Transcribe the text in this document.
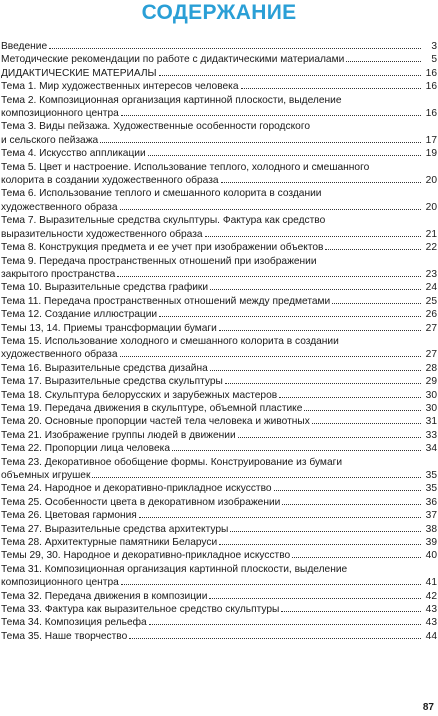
СОДЕРЖАНИЕ
Введение	3
Методические рекомендации по работе с дидактическими материалами	5
ДИДАКТИЧЕСКИЕ МАТЕРИАЛЫ	16
Тема 1. Мир художественных интересов человека	16
Тема 2. Композиционная организация картинной плоскости, выделение
композиционного центра	16
Тема 3. Виды пейзажа. Художественные особенности городского
и сельского пейзажа	17
Тема 4. Искусство аппликации	19
Тема 5. Цвет и настроение. Использование теплого, холодного и смешанного
колорита в создании художественного образа	20
Тема 6. Использование теплого и смешанного колорита в создании
художественного образа	20
Тема 7. Выразительные средства скульптуры. Фактура как средство
выразительности художественного образа	21
Тема 8. Конструкция предмета и ее учет при изображении объектов	22
Тема 9. Передача пространственных отношений при изображении
закрытого пространства	23
Тема 10. Выразительные средства графики	24
Тема 11. Передача пространственных отношений между предметами	25
Тема 12. Создание иллюстрации	26
Темы 13, 14. Приемы трансформации бумаги	27
Тема 15. Использование холодного и смешанного колорита в создании
художественного образа	27
Тема 16. Выразительные средства дизайна	28
Тема 17. Выразительные средства скульптуры	29
Тема 18. Скульптура белорусских и зарубежных мастеров	30
Тема 19. Передача движения в скульптуре, объемной пластике	30
Тема 20. Основные пропорции частей тела человека и животных	31
Тема 21. Изображение группы людей в движении	33
Тема 22. Пропорции лица человека	34
Тема 23. Декоративное обобщение формы. Конструирование из бумаги
объемных игрушек	35
Тема 24. Народное и декоративно-прикладное искусство	35
Тема 25. Особенности цвета в декоративном изображении	36
Тема 26. Цветовая гармония	37
Тема 27. Выразительные средства архитектуры	38
Тема 28. Архитектурные памятники Беларуси	39
Темы 29, 30. Народное и декоративно-прикладное искусство	40
Тема 31. Композиционная организация картинной плоскости, выделение
композиционного центра	41
Тема 32. Передача движения в композиции	42
Тема 33. Фактура как выразительное средство скульптуры	43
Тема 34. Композиция рельефа	43
Тема 35. Наше творчество	44
87
